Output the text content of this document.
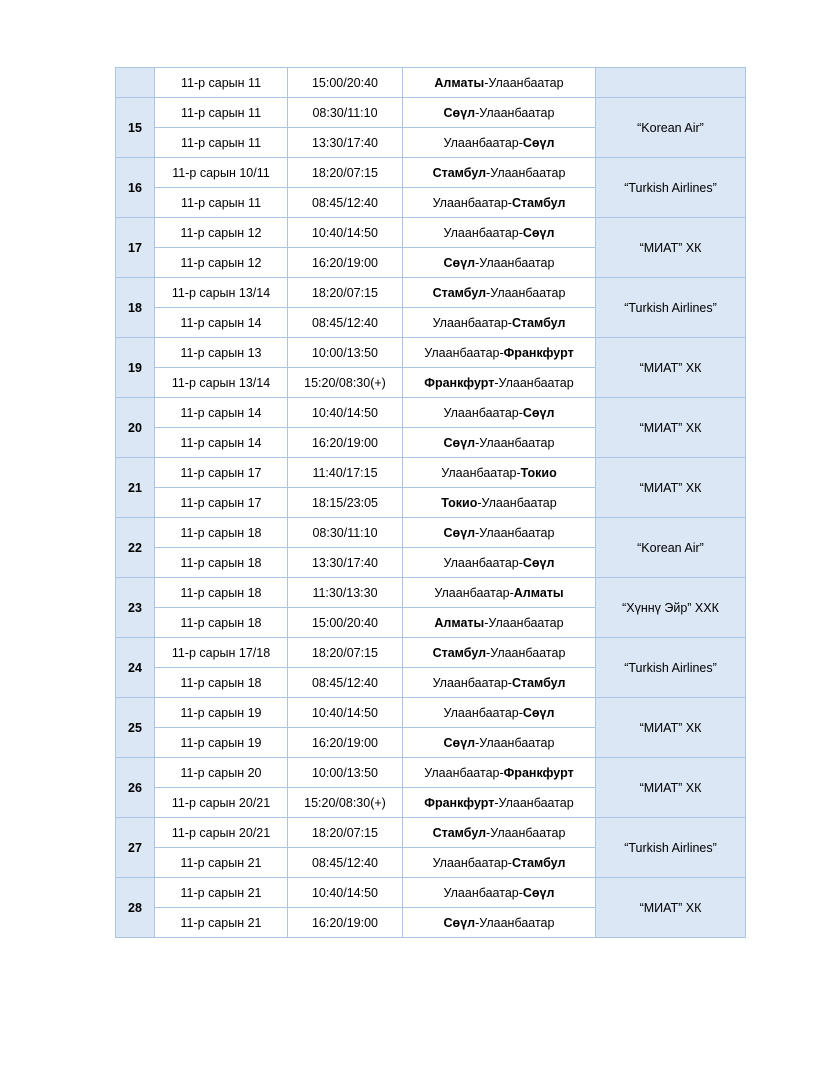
	11-р сарын 11	15:00/20:40	Алматы-Улаанбаатар	
15	11-р сарын 11	08:30/11:10	Сөүл-Улаанбаатар	“Korean Air”
	11-р сарын 11	13:30/17:40	Улаанбаатар-Сөүл	
16	11-р сарын 10/11	18:20/07:15	Стамбул-Улаанбаатар	“Turkish Airlines”
	11-р сарын 11	08:45/12:40	Улаанбаатар-Стамбул	
17	11-р сарын 12	10:40/14:50	Улаанбаатар-Сөүл	“МИАТ” ХК
	11-р сарын 12	16:20/19:00	Сөүл-Улаанбаатар	
18	11-р сарын 13/14	18:20/07:15	Стамбул-Улаанбаатар	“Turkish Airlines”
	11-р сарын 14	08:45/12:40	Улаанбаатар-Стамбул	
19	11-р сарын 13	10:00/13:50	Улаанбаатар-Франкфурт	“МИАТ” ХК
	11-р сарын 13/14	15:20/08:30(+)	Франкфурт-Улаанбаатар	
20	11-р сарын 14	10:40/14:50	Улаанбаатар-Сөүл	“МИАТ” ХК
	11-р сарын 14	16:20/19:00	Сөүл-Улаанбаатар	
21	11-р сарын 17	11:40/17:15	Улаанбаатар-Токио	“МИАТ” ХК
	11-р сарын 17	18:15/23:05	Токио-Улаанбаатар	
22	11-р сарын 18	08:30/11:10	Сөүл-Улаанбаатар	“Korean Air”
	11-р сарын 18	13:30/17:40	Улаанбаатар-Сөүл	
23	11-р сарын 18	11:30/13:30	Улаанбаатар-Алматы	“Хүннү Эйр” ХХК
	11-р сарын 18	15:00/20:40	Алматы-Улаанбаатар	
24	11-р сарын 17/18	18:20/07:15	Стамбул-Улаанбаатар	“Turkish Airlines”
	11-р сарын 18	08:45/12:40	Улаанбаатар-Стамбул	
25	11-р сарын 19	10:40/14:50	Улаанбаатар-Сөүл	“МИАТ” ХК
	11-р сарын 19	16:20/19:00	Сөүл-Улаанбаатар	
26	11-р сарын 20	10:00/13:50	Улаанбаатар-Франкфурт	“МИАТ” ХК
	11-р сарын 20/21	15:20/08:30(+)	Франкфурт-Улаанбаатар	
27	11-р сарын 20/21	18:20/07:15	Стамбул-Улаанбаатар	“Turkish Airlines”
	11-р сарын 21	08:45/12:40	Улаанбаатар-Стамбул	
28	11-р сарын 21	10:40/14:50	Улаанбаатар-Сөүл	“МИАТ” ХК
	11-р сарын 21	16:20/19:00	Сөүл-Улаанбаатар	
